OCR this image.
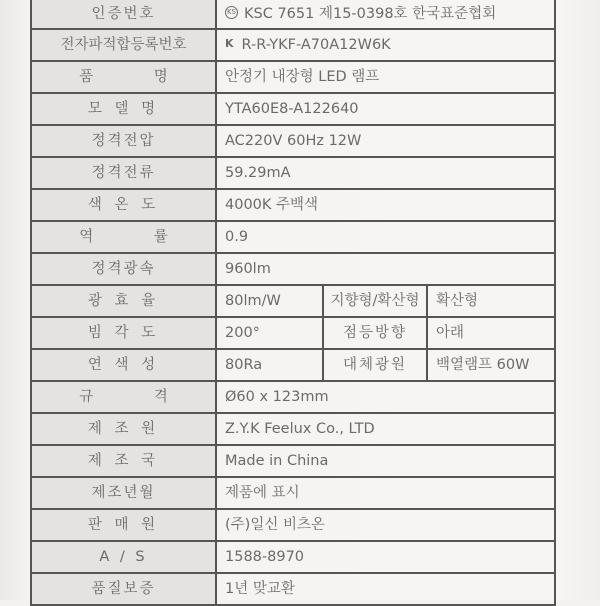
인증번호	KS KSC 7651 제15-0398호 한국표준협회		
전자파적합등록번호	K R-R-YKF-A70A12W6K		
품 명	안정기 내장형 LED 램프		
모 델 명	YTA60E8-A122640		
정격전압	AC220V 60Hz 12W		
정격전류	59.29mA		
색 온 도	4000K 주백색		
역 률	0.9		
정격광속	960lm		
광 효 율	80lm/W	지향형/확산형	확산형
빔 각 도	200°	점등방향	아래
연 색 성	80Ra	대체광원	백열램프 60W
규 격	Ø60 x 123mm		
제 조 원	Z.Y.K Feelux Co., LTD		
제 조 국	Made in China		
제조년월	제품에 표시		
판 매 원	(주)일신 비츠온		
A / S	1588-8970		
품질보증	1년 맞교환		
